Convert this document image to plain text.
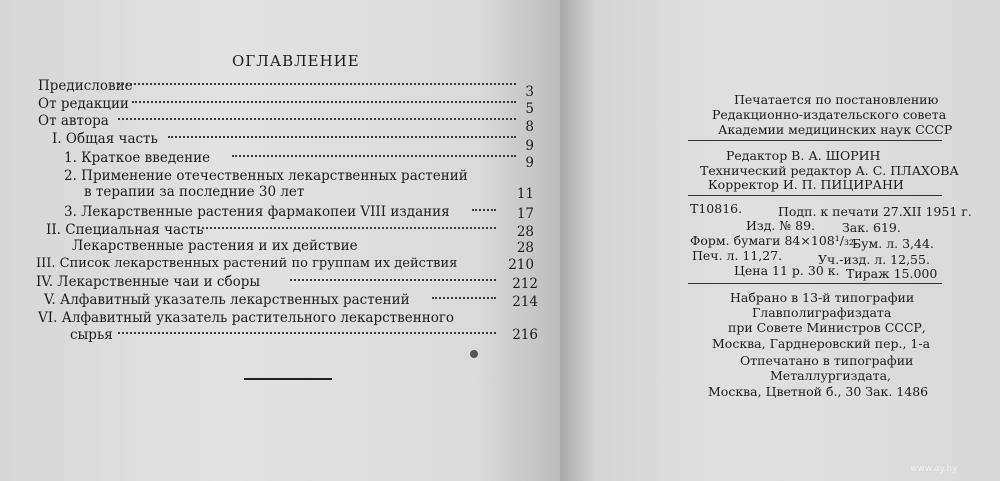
ОГЛАВЛЕНИЕ
Предисловие	3
От редакции	5
От автора	8
I. Общая часть	9
1. Краткое введение	9
2. Применение отечественных лекарственных растений
в терапии за последние 30 лет	11
3. Лекарственные растения фармакопеи VIII издания	17
II. Специальная часть	28
Лекарственные растения и их действие	28
III. Список лекарственных растений по группам их действия	210
IV. Лекарственные чаи и сборы	212
V. Алфавитный указатель лекарственных растений	214
VI. Алфавитный указатель растительного лекарственного
сырья	216
Печатается по постановлению
Редакционно-издательского совета
Академии медицинских наук СССР
Редактор В. А. ШОРИН
Технический редактор А. С. ПЛАХОВА
Корректор И. П. ПИЦИРАНИ
Т10816.	Подп. к печати 27.XII 1951 г.
Изд. № 89. Зак. 619.
Форм. бумаги 84×108¹/₃₂.
Бум. л. 3,44.
Печ. л. 11,27.	Уч.-изд. л. 12,55.
Цена 11 р. 30 к. Тираж 15.000
Набрано в 13-й типографии
Главполиграфиздата
при Совете Министров СССР,
Москва, Гарднеровский пер., 1-а
Отпечатано в типографии
Металлургиздата,
Москва, Цветной б., 30 Зак. 1486
www.ay.by
